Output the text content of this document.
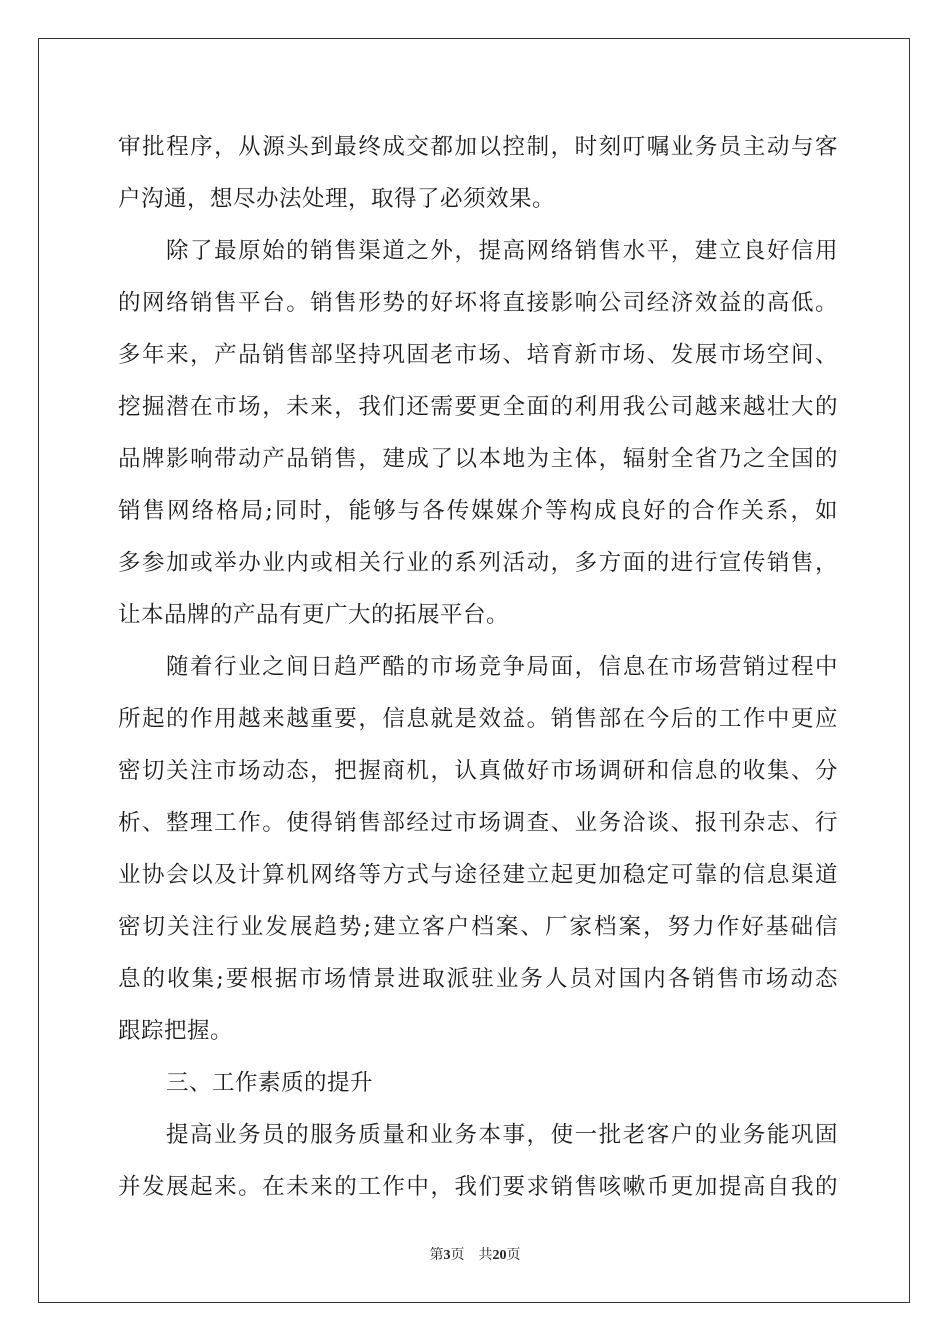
审批程序，从源头到最终成交都加以控制，时刻叮嘱业务员主动与客
户沟通，想尽办法处理，取得了必须效果。
除了最原始的销售渠道之外，提高网络销售水平，建立良好信用
的网络销售平台。销售形势的好坏将直接影响公司经济效益的高低。
多年来，产品销售部坚持巩固老市场、培育新市场、发展市场空间、
挖掘潜在市场，未来，我们还需要更全面的利用我公司越来越壮大的
品牌影响带动产品销售，建成了以本地为主体，辐射全省乃之全国的
销售网络格局;同时，能够与各传媒媒介等构成良好的合作关系，如
多参加或举办业内或相关行业的系列活动，多方面的进行宣传销售，
让本品牌的产品有更广大的拓展平台。
随着行业之间日趋严酷的市场竞争局面，信息在市场营销过程中
所起的作用越来越重要，信息就是效益。销售部在今后的工作中更应
密切关注市场动态，把握商机，认真做好市场调研和信息的收集、分
析、整理工作。使得销售部经过市场调查、业务洽谈、报刊杂志、行
业协会以及计算机网络等方式与途径建立起更加稳定可靠的信息渠道
密切关注行业发展趋势;建立客户档案、厂家档案，努力作好基础信
息的收集;要根据市场情景进取派驻业务人员对国内各销售市场动态
跟踪把握。
三、工作素质的提升
提高业务员的服务质量和业务本事，使一批老客户的业务能巩固
并发展起来。在未来的工作中，我们要求销售咳嗽币更加提高自我的
第3页 共20页
